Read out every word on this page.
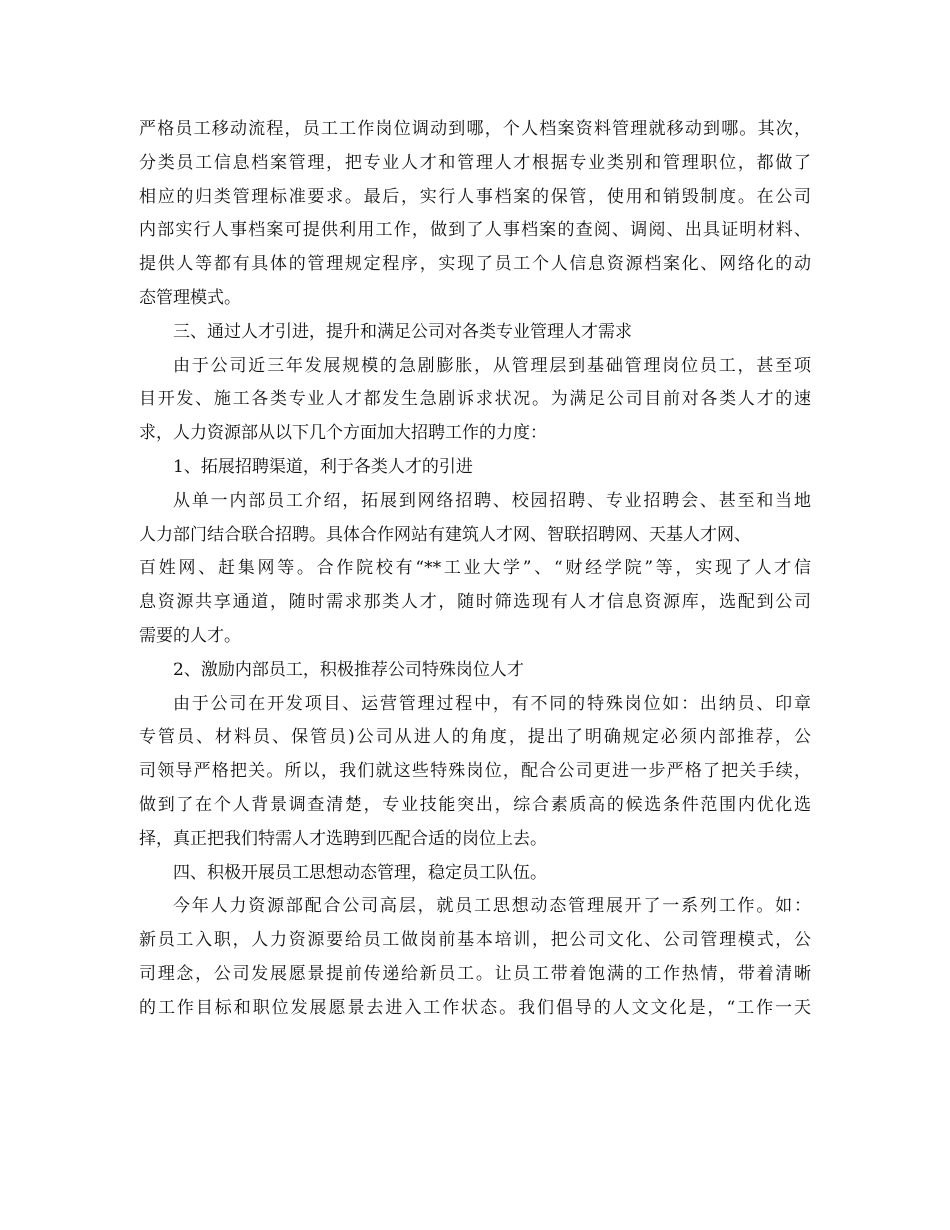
严格员工移动流程，员工工作岗位调动到哪，个人档案资料管理就移动到哪。其次，
分类员工信息档案管理，把专业人才和管理人才根据专业类别和管理职位，都做了
相应的归类管理标准要求。最后，实行人事档案的保管，使用和销毁制度。在公司
内部实行人事档案可提供利用工作，做到了人事档案的查阅、调阅、出具证明材料、
提供人等都有具体的管理规定程序，实现了员工个人信息资源档案化、网络化的动
态管理模式。
三、通过人才引进，提升和满足公司对各类专业管理人才需求
由于公司近三年发展规模的急剧膨胀，从管理层到基础管理岗位员工，甚至项
目开发、施工各类专业人才都发生急剧诉求状况。为满足公司目前对各类人才的速
求，人力资源部从以下几个方面加大招聘工作的力度：
1、拓展招聘渠道，利于各类人才的引进
从单一内部员工介绍，拓展到网络招聘、校园招聘、专业招聘会、甚至和当地
人力部门结合联合招聘。具体合作网站有建筑人才网、智联招聘网、天基人才网、
百姓网、赶集网等。合作院校有“**工业大学”、“财经学院”等，实现了人才信
息资源共享通道，随时需求那类人才，随时筛选现有人才信息资源库，选配到公司
需要的人才。
2、激励内部员工，积极推荐公司特殊岗位人才
由于公司在开发项目、运营管理过程中，有不同的特殊岗位如：出纳员、印章
专管员、材料员、保管员)公司从进人的角度，提出了明确规定必须内部推荐，公
司领导严格把关。所以，我们就这些特殊岗位，配合公司更进一步严格了把关手续，
做到了在个人背景调查清楚，专业技能突出，综合素质高的候选条件范围内优化选
择，真正把我们特需人才选聘到匹配合适的岗位上去。
四、积极开展员工思想动态管理，稳定员工队伍。
今年人力资源部配合公司高层，就员工思想动态管理展开了一系列工作。如：
新员工入职，人力资源要给员工做岗前基本培训，把公司文化、公司管理模式，公
司理念，公司发展愿景提前传递给新员工。让员工带着饱满的工作热情，带着清晰
的工作目标和职位发展愿景去进入工作状态。我们倡导的人文文化是，“工作一天
